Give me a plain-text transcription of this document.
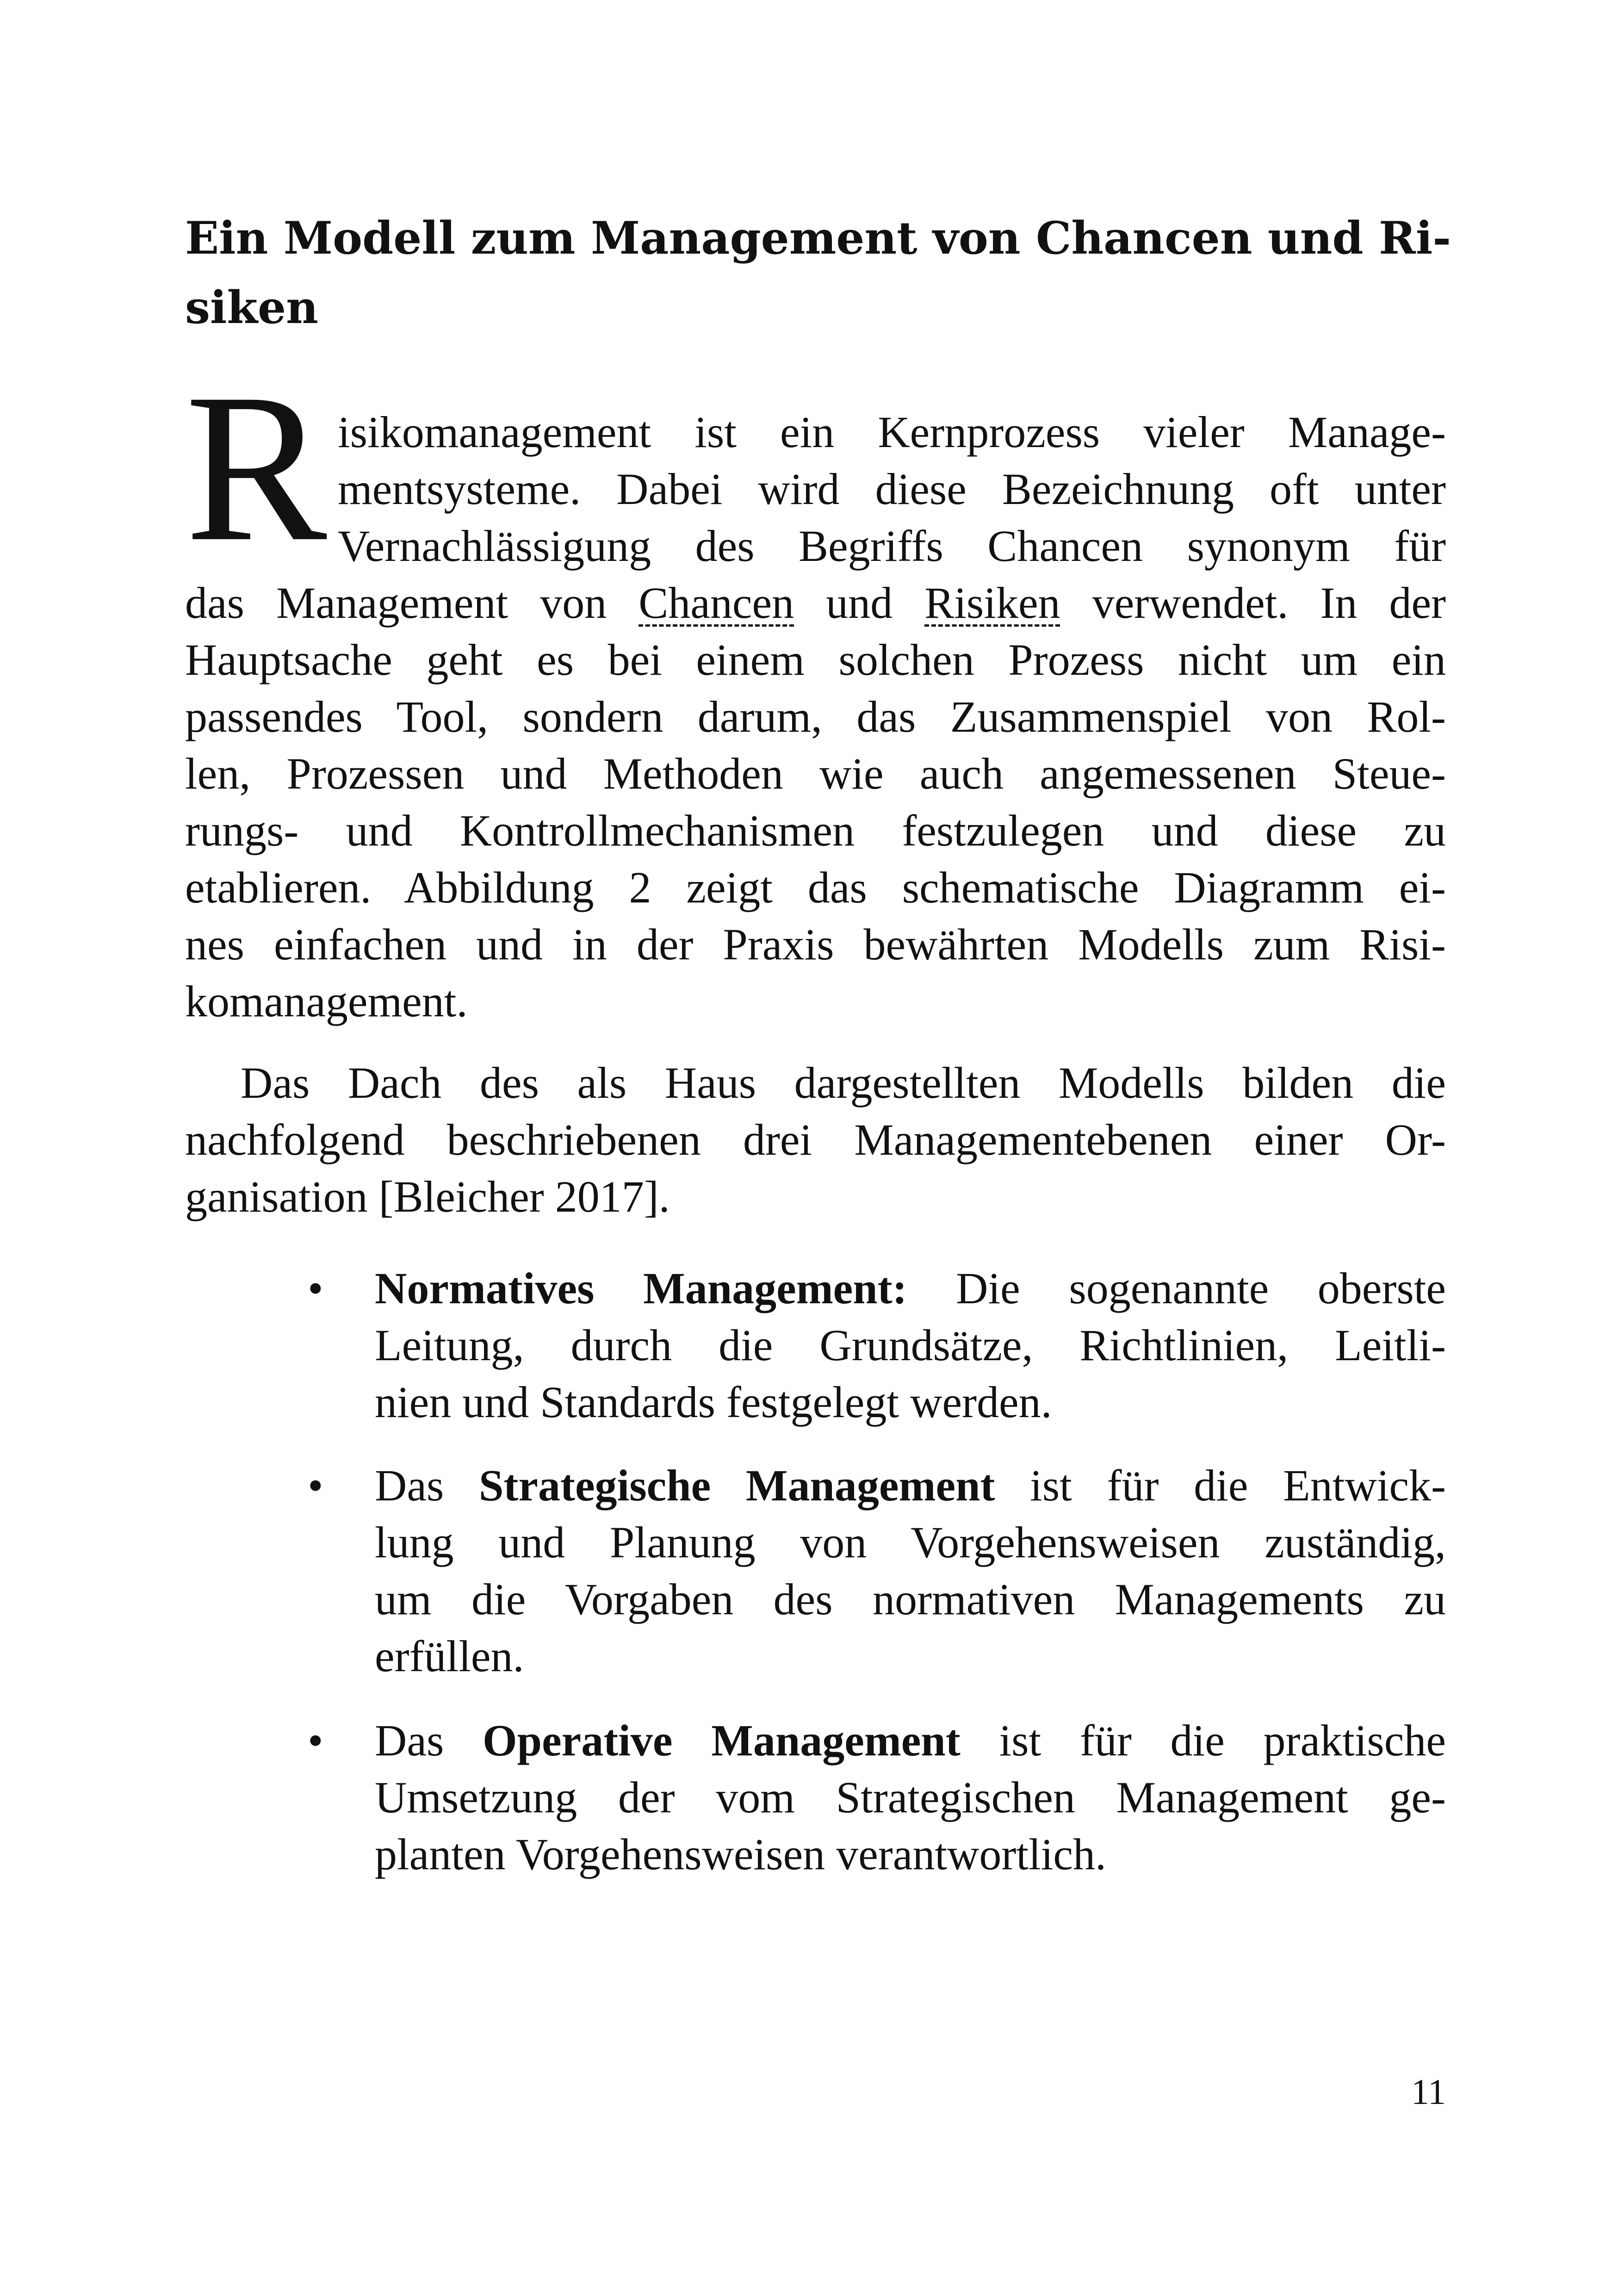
Ein Modell zum Management von Chancen und Ri-
siken
R isikomanagement ist ein Kernprozess vieler Manage-
mentsysteme. Dabei wird diese Bezeichnung oft unter
Vernachlässigung des Begriffs Chancen synonym für
das Management von Chancen und Risiken verwendet. In der
Hauptsache geht es bei einem solchen Prozess nicht um ein
passendes Tool, sondern darum, das Zusammenspiel von Rol-
len, Prozessen und Methoden wie auch angemessenen Steue-
rungs- und Kontrollmechanismen festzulegen und diese zu
etablieren. Abbildung 2 zeigt das schematische Diagramm ei-
nes einfachen und in der Praxis bewährten Modells zum Risi-
komanagement.
Das Dach des als Haus dargestellten Modells bilden die
nachfolgend beschriebenen drei Managementebenen einer Or-
ganisation [Bleicher 2017].
• Normatives Management: Die sogenannte oberste
Leitung, durch die Grundsätze, Richtlinien, Leitli-
nien und Standards festgelegt werden.
• Das Strategische Management ist für die Entwick-
lung und Planung von Vorgehensweisen zuständig,
um die Vorgaben des normativen Managements zu
erfüllen.
• Das Operative Management ist für die praktische
Umsetzung der vom Strategischen Management ge-
planten Vorgehensweisen verantwortlich.
11
